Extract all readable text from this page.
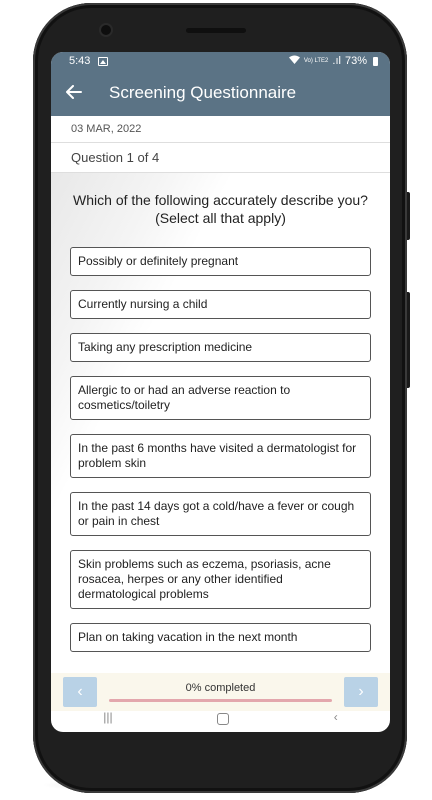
5:43	Vo) LTE2 .ıl 73%
Screening Questionnaire
03 MAR, 2022
Question 1 of 4
Which of the following accurately describe you? (Select all that apply)
Possibly or definitely pregnant
Currently nursing a child
Taking any prescription medicine
Allergic to or had an adverse reaction to cosmetics/toiletry
In the past 6 months have visited a dermatologist for problem skin
In the past 14 days got a cold/have a fever or cough or pain in chest
Skin problems such as eczema, psoriasis, acne rosacea, herpes or any other identified dermatological problems
Plan on taking vacation in the next month
‹	0% completed	›
|||	‹
